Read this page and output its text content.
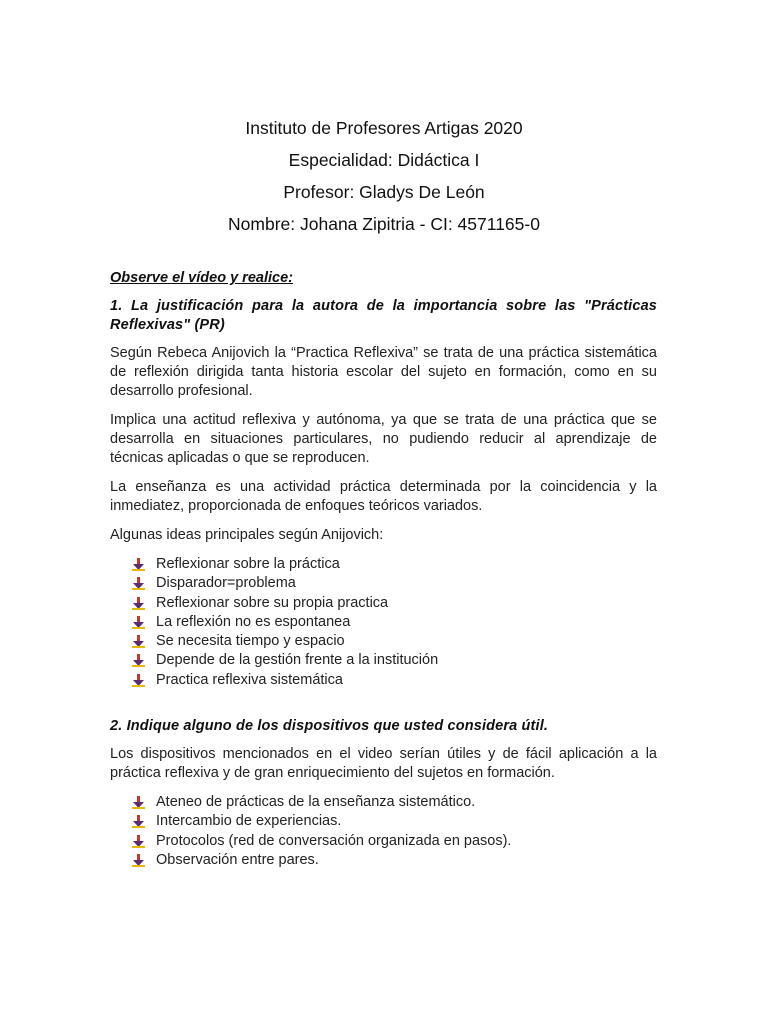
Instituto de Profesores Artigas 2020

Especialidad: Didáctica I

Profesor: Gladys De León

Nombre: Johana Zipitria - CI: 4571165-0

Observe el vídeo y realice:

1. La justificación para la autora de la importancia sobre las "Prácticas Reflexivas" (PR)

Según Rebeca Anijovich la “Practica Reflexiva” se trata de una práctica sistemática de reflexión dirigida tanta historia escolar del sujeto en formación, como en su desarrollo profesional.

Implica una actitud reflexiva y autónoma, ya que se trata de una práctica que se desarrolla en situaciones particulares, no pudiendo reducir al aprendizaje de técnicas aplicadas o que se reproducen.

La enseñanza es una actividad práctica determinada por la coincidencia y la inmediatez, proporcionada de enfoques teóricos variados.

Algunas ideas principales según Anijovich:

Reflexionar sobre la práctica
Disparador=problema
Reflexionar sobre su propia practica
La reflexión no es espontanea
Se necesita tiempo y espacio
Depende de la gestión frente a la institución
Practica reflexiva sistemática

2. Indique alguno de los dispositivos que usted considera útil.

Los dispositivos mencionados en el video serían útiles y de fácil aplicación a la práctica reflexiva y de gran enriquecimiento del sujetos en formación.

Ateneo de prácticas de la enseñanza sistemático.
Intercambio de experiencias.
Protocolos (red de conversación organizada en pasos).
Observación entre pares.
